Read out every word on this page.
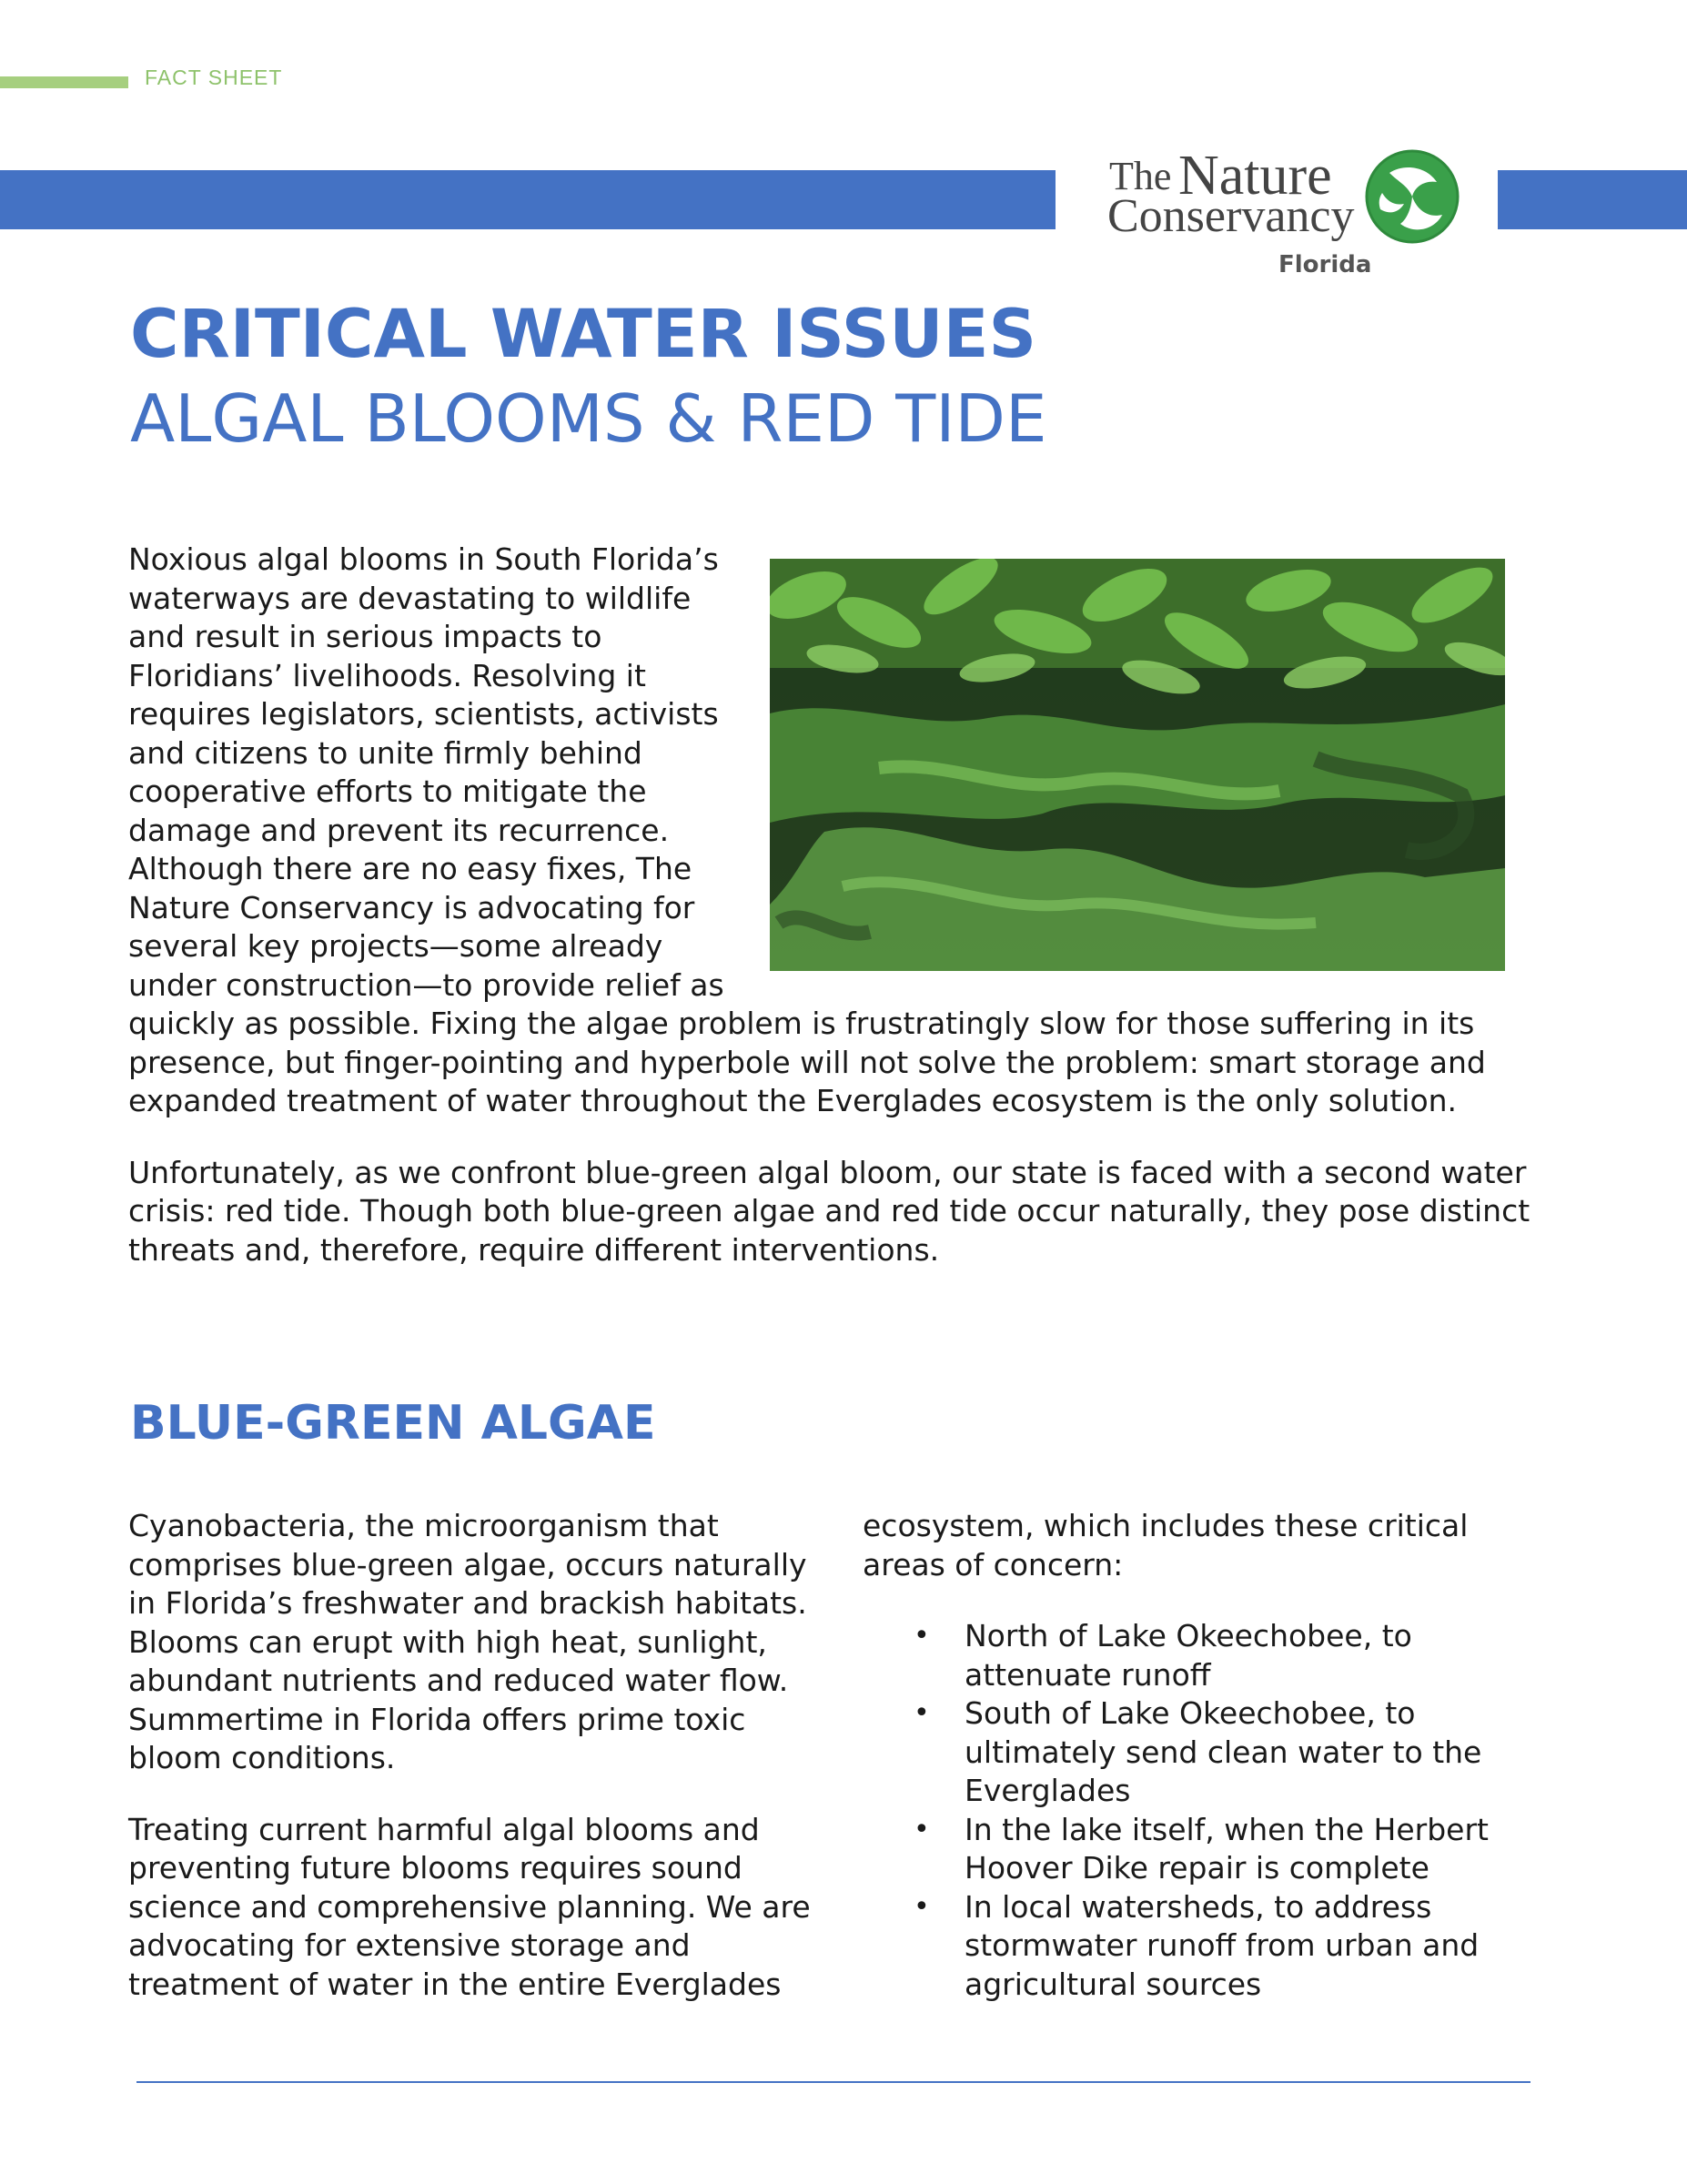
FACT SHEET
The Nature
Conservancy
Florida
CRITICAL WATER ISSUES
ALGAL BLOOMS & RED TIDE

Noxious algal blooms in South Florida’s waterways are devastating to wildlife and result in serious impacts to Floridians’ livelihoods. Resolving it requires legislators, scientists, activists and citizens to unite firmly behind cooperative efforts to mitigate the damage and prevent its recurrence. Although there are no easy fixes, The Nature Conservancy is advocating for several key projects—some already under construction—to provide relief as quickly as possible. Fixing the algae problem is frustratingly slow for those suffering in its presence, but finger-pointing and hyperbole will not solve the problem: smart storage and expanded treatment of water throughout the Everglades ecosystem is the only solution.

Unfortunately, as we confront blue-green algal bloom, our state is faced with a second water crisis: red tide. Though both blue-green algae and red tide occur naturally, they pose distinct threats and, therefore, require different interventions.

BLUE-GREEN ALGAE

Cyanobacteria, the microorganism that comprises blue-green algae, occurs naturally in Florida’s freshwater and brackish habitats. Blooms can erupt with high heat, sunlight, abundant nutrients and reduced water flow. Summertime in Florida offers prime toxic bloom conditions.

Treating current harmful algal blooms and preventing future blooms requires sound science and comprehensive planning. We are advocating for extensive storage and treatment of water in the entire Everglades

ecosystem, which includes these critical areas of concern:

• North of Lake Okeechobee, to attenuate runoff
• South of Lake Okeechobee, to ultimately send clean water to the Everglades
• In the lake itself, when the Herbert Hoover Dike repair is complete
• In local watersheds, to address stormwater runoff from urban and agricultural sources
